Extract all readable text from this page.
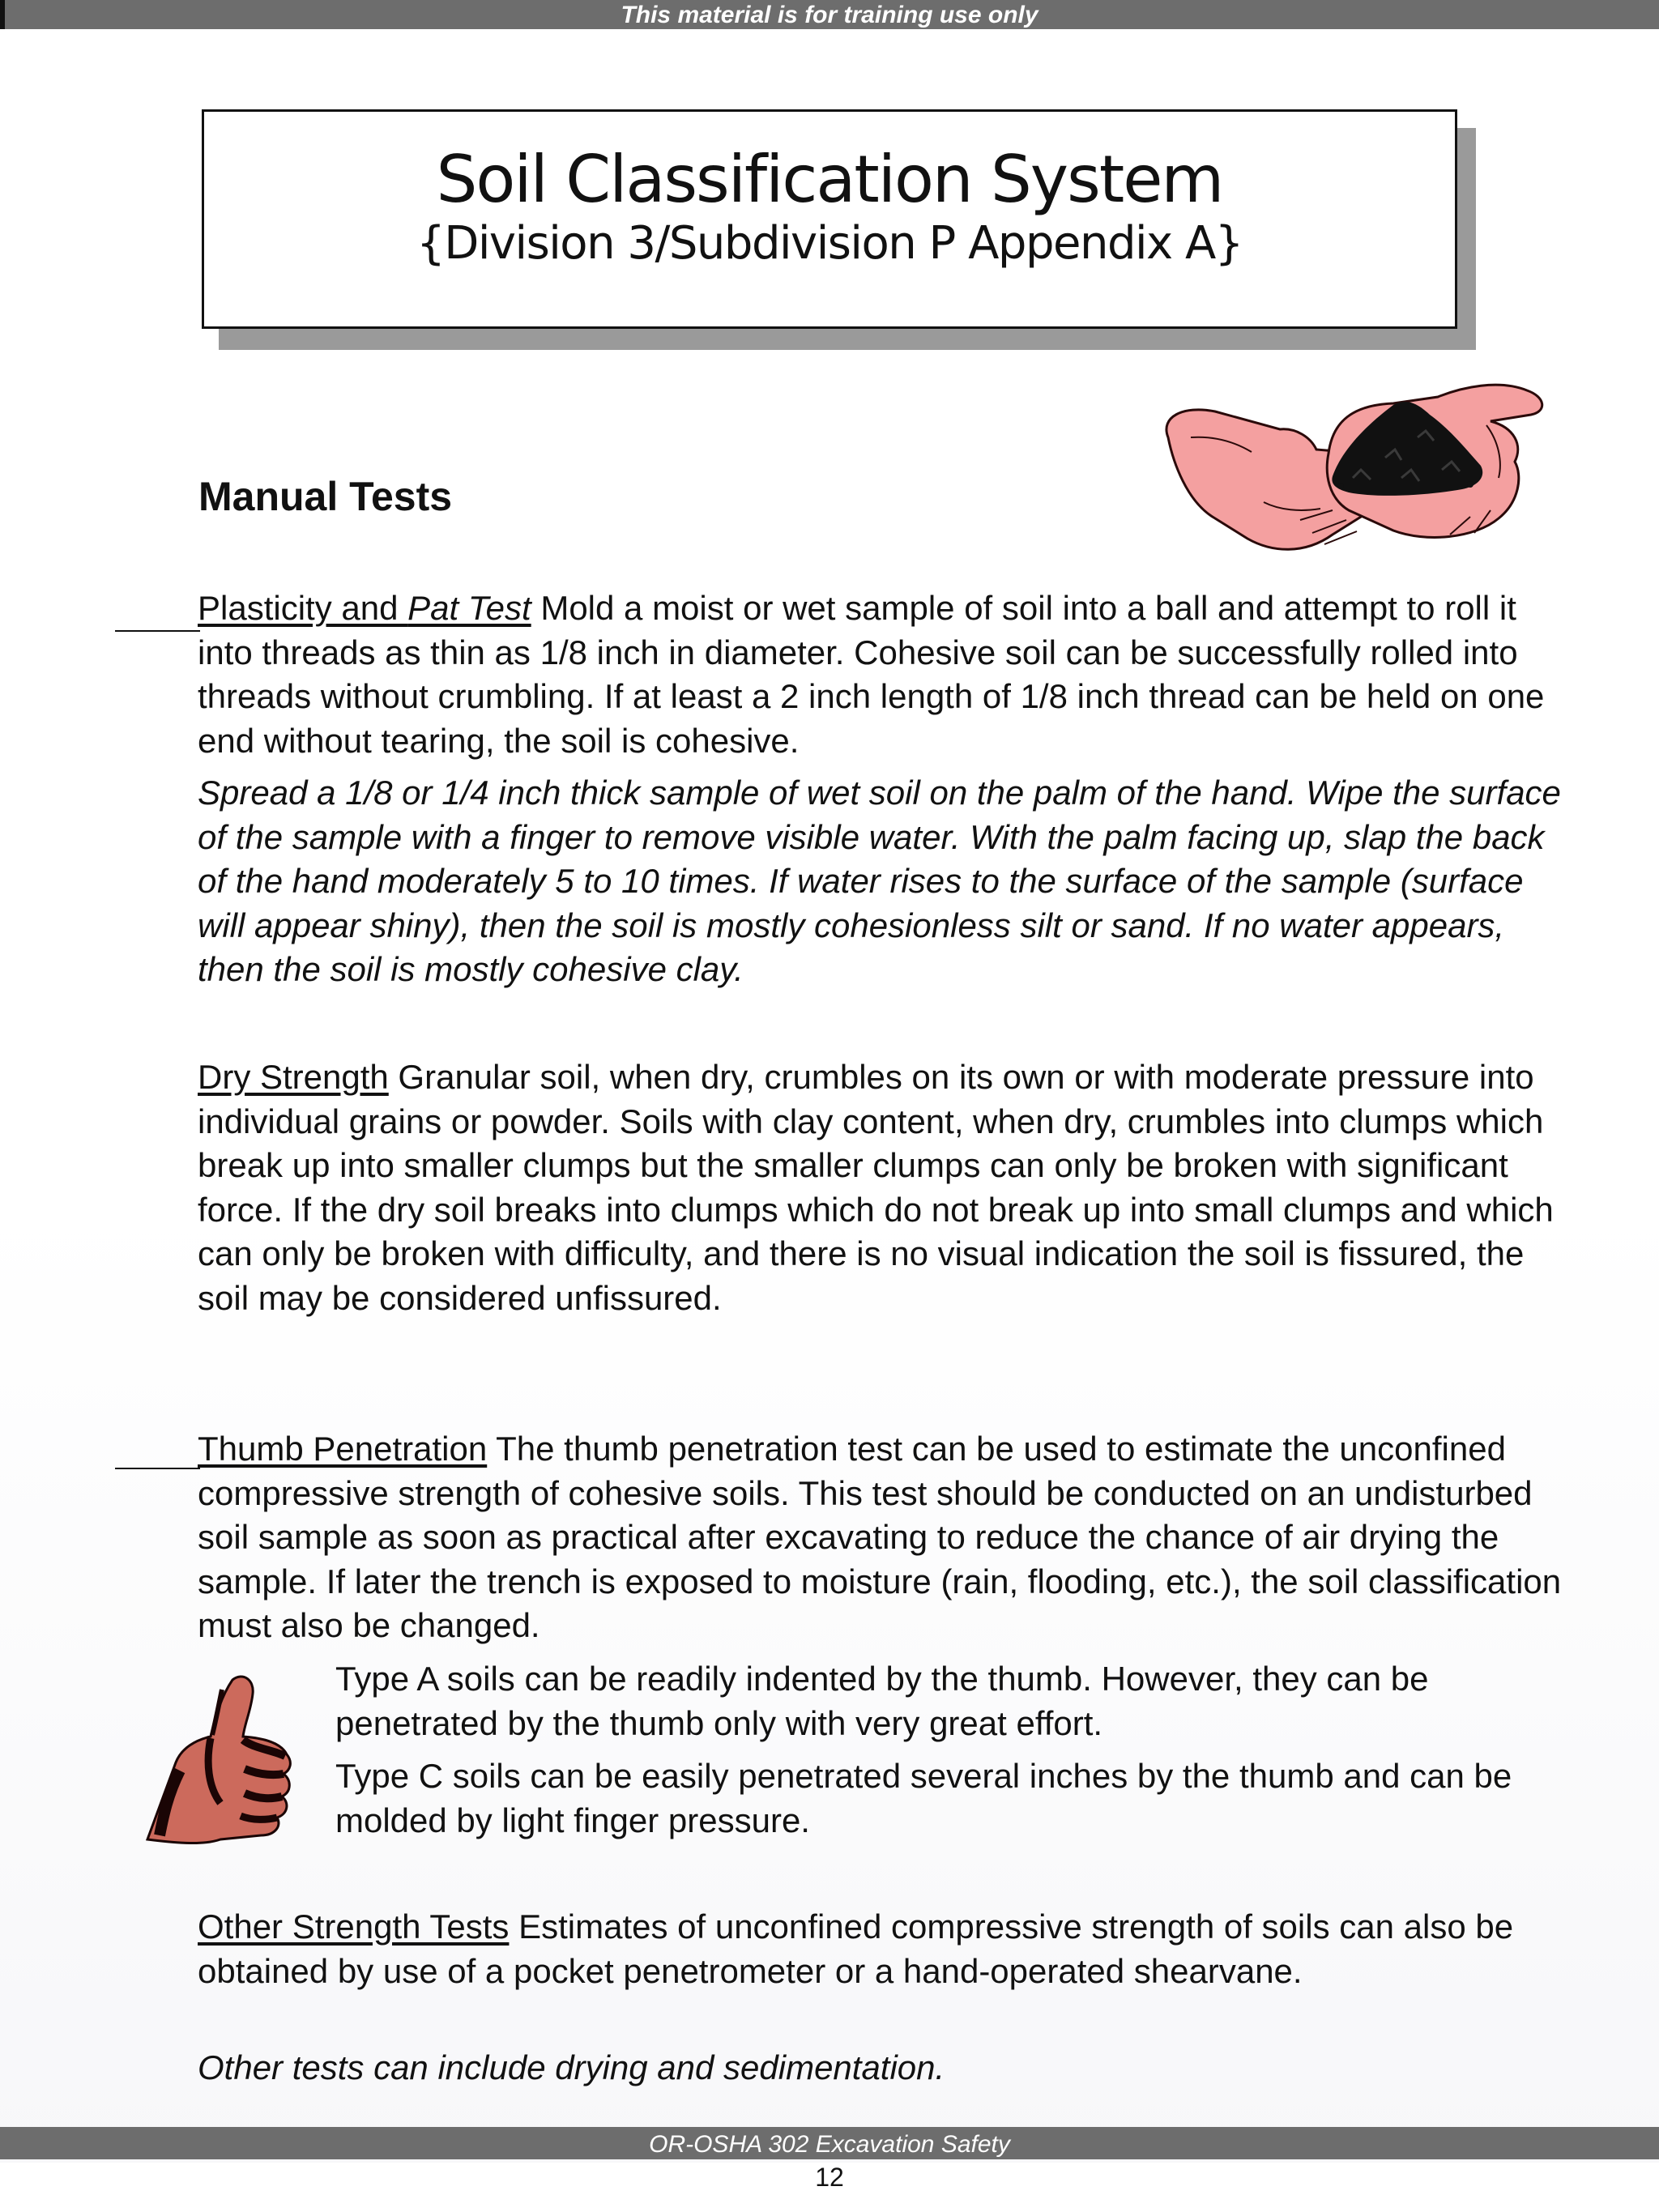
This material is for training use only
Soil Classification System
{Division 3/Subdivision P Appendix A}
Manual Tests
Plasticity and Pat Test Mold a moist or wet sample of soil into a ball and attempt to roll it into threads as thin as 1/8 inch in diameter. Cohesive soil can be successfully rolled into threads without crumbling. If at least a 2 inch length of 1/8 inch thread can be held on one end without tearing, the soil is cohesive.
Spread a 1/8 or 1/4 inch thick sample of wet soil on the palm of the hand. Wipe the surface of the sample with a finger to remove visible water. With the palm facing up, slap the back of the hand moderately 5 to 10 times. If water rises to the surface of the sample (surface will appear shiny), then the soil is mostly cohesionless silt or sand. If no water appears, then the soil is mostly cohesive clay.
Dry Strength Granular soil, when dry, crumbles on its own or with moderate pressure into individual grains or powder. Soils with clay content, when dry, crumbles into clumps which break up into smaller clumps but the smaller clumps can only be broken with significant force. If the dry soil breaks into clumps which do not break up into small clumps and which can only be broken with difficulty, and there is no visual indication the soil is fissured, the soil may be considered unfissured.
Thumb Penetration The thumb penetration test can be used to estimate the unconfined compressive strength of cohesive soils. This test should be conducted on an undisturbed soil sample as soon as practical after excavating to reduce the chance of air drying the sample. If later the trench is exposed to moisture (rain, flooding, etc.), the soil classification must also be changed.
Type A soils can be readily indented by the thumb. However, they can be penetrated by the thumb only with very great effort.
Type C soils can be easily penetrated several inches by the thumb and can be molded by light finger pressure.
Other Strength Tests Estimates of unconfined compressive strength of soils can also be obtained by use of a pocket penetrometer or a hand-operated shearvane.
Other tests can include drying and sedimentation.
OR-OSHA 302 Excavation Safety
12
